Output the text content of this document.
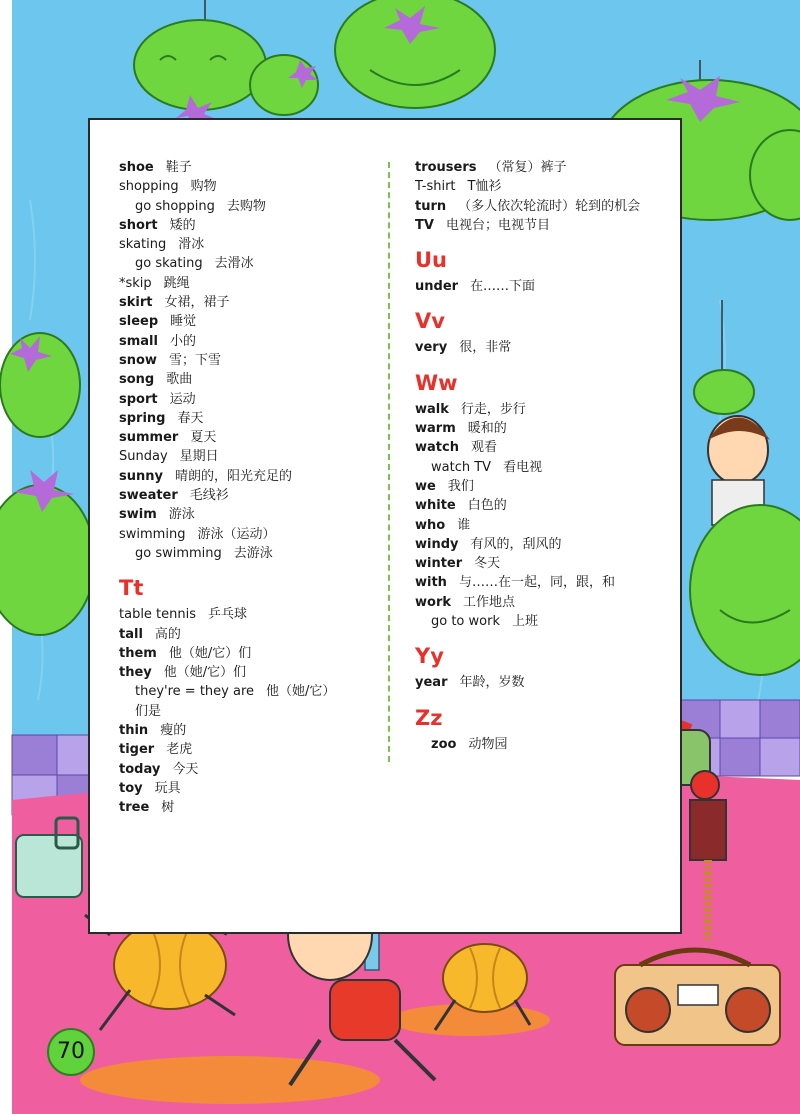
shoe 鞋子
shopping 购物
go shopping 去购物
short 矮的
skating 滑冰
go skating 去滑冰
*skip 跳绳
skirt 女裙，裙子
sleep 睡觉
small 小的
snow 雪；下雪
song 歌曲
sport 运动
spring 春天
summer 夏天
Sunday 星期日
sunny 晴朗的，阳光充足的
sweater 毛线衫
swim 游泳
swimming 游泳（运动）
go swimming 去游泳
Tt
table tennis 乒乓球
tall 高的
them 他（她/它）们
they 他（她/它）们
they're = they are 他（她/它）
们是
thin 瘦的
tiger 老虎
today 今天
toy 玩具
tree 树
trousers （常复）裤子
T-shirt T恤衫
turn （多人依次轮流时）轮到的机会
TV 电视台；电视节目
Uu
under 在……下面
Vv
very 很，非常
Ww
walk 行走，步行
warm 暖和的
watch 观看
watch TV 看电视
we 我们
white 白色的
who 谁
windy 有风的，刮风的
winter 冬天
with 与……在一起，同，跟，和
work 工作地点
go to work 上班
Yy
year 年龄，岁数
Zz
zoo 动物园
70
